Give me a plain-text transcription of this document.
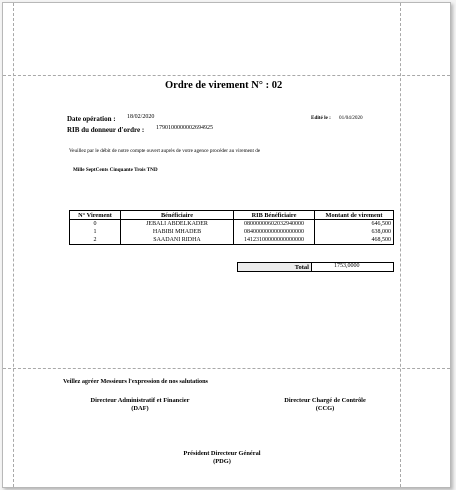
Ordre de virement N° : 02
Date opération : 18/02/2020	Edité le : 01/04/2020
RIB du donneur d'ordre : 1790100000002694925
Veuillez par le débit de notre compte ouvert auprès de votre agence procéder au virement de
Mille SeptCents Cinquante Trois TND
N° Virement	Bénéficiaire	RIB Bénéficiaire	Montant de virement
0	JEBALI ABDELKADER	08000000602032940000	646,500
1	HABIBI MHADEB	08400000000000000000	638,000
2	SAADANI RIDHA	14123100000000000000	468,500
Total	1753,0000
Veillez agréer Messieurs l'expression de nos salutations
Directeur Administratif et Financier
(DAF)
Directeur Chargé de Contrôle
(CCG)
Président Directeur Général
(PDG)
